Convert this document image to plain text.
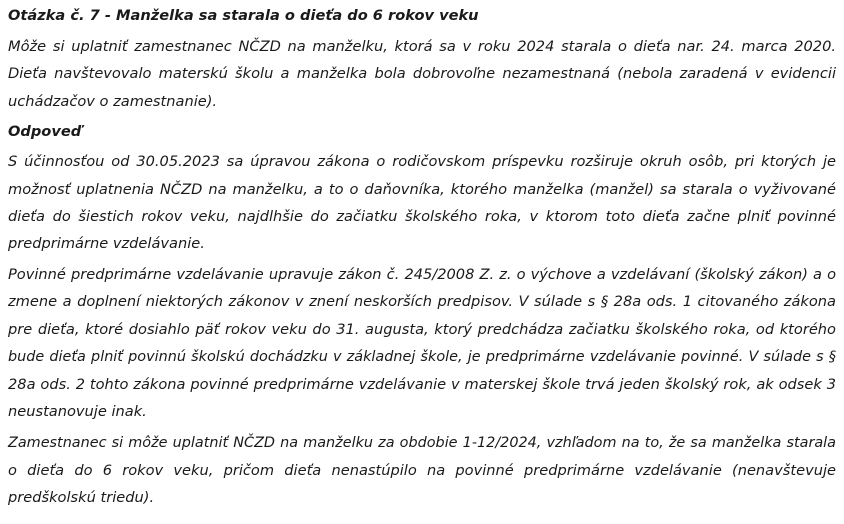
Otázka č. 7 - Manželka sa starala o dieťa do 6 rokov veku

Môže si uplatniť zamestnanec NČZD na manželku, ktorá sa v roku 2024 starala o dieťa nar. 24. marca 2020.

Dieťa navštevovalo materskú školu a manželka bola dobrovoľne nezamestnaná (nebola zaradená v evidencii

uchádzačov o zamestnanie).

Odpoveď

S účinnosťou od 30.05.2023 sa úpravou zákona o rodičovskom príspevku rozširuje okruh osôb, pri ktorých je

možnosť uplatnenia NČZD na manželku, a to o daňovníka, ktorého manželka (manžel) sa starala o vyživované

dieťa do šiestich rokov veku, najdlhšie do začiatku školského roka, v ktorom toto dieťa začne plniť povinné

predprimárne vzdelávanie.

Povinné predprimárne vzdelávanie upravuje zákon č. 245/2008 Z. z. o výchove a vzdelávaní (školský zákon) a o

zmene a doplnení niektorých zákonov v znení neskorších predpisov. V súlade s § 28a ods. 1 citovaného zákona

pre dieťa, ktoré dosiahlo päť rokov veku do 31. augusta, ktorý predchádza začiatku školského roka, od ktorého

bude dieťa plniť povinnú školskú dochádzku v základnej škole, je predprimárne vzdelávanie povinné. V súlade s §

28a ods. 2 tohto zákona povinné predprimárne vzdelávanie v materskej škole trvá jeden školský rok, ak odsek 3

neustanovuje inak.

Zamestnanec si môže uplatniť NČZD na manželku za obdobie 1-12/2024, vzhľadom na to, že sa manželka starala

o dieťa do 6 rokov veku, pričom dieťa nenastúpilo na povinné predprimárne vzdelávanie (nenavštevuje

predškolskú triedu).
